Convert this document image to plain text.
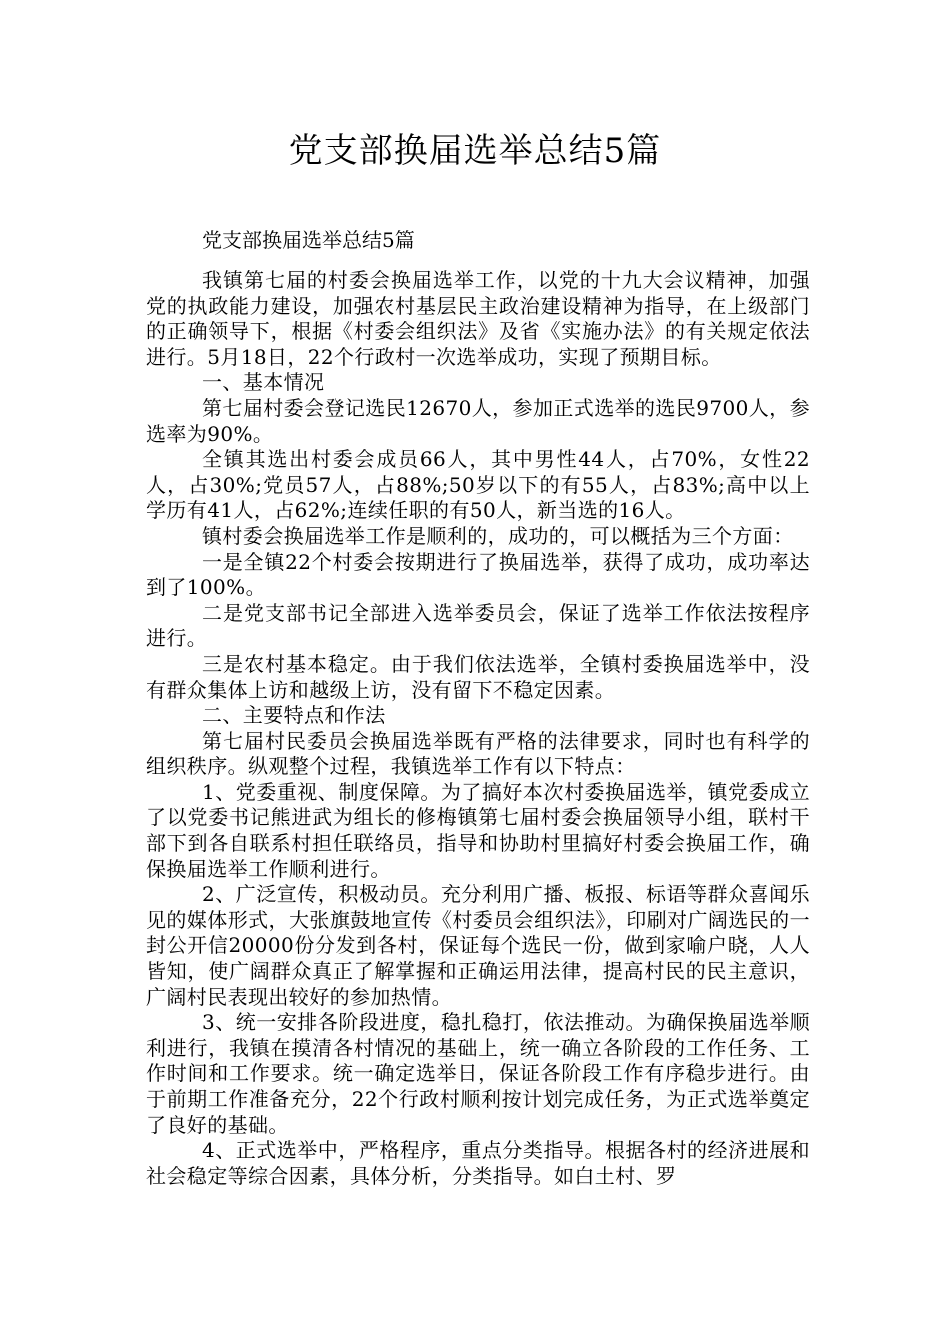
党支部换届选举总结5篇

党支部换届选举总结5篇

我镇第七届的村委会换届选举工作，以党的十九大会议精神，加强党的执政能力建设，加强农村基层民主政治建设精神为指导，在上级部门的正确领导下，根据《村委会组织法》及省《实施办法》的有关规定依法进行。5月18日，22个行政村一次选举成功，实现了预期目标。

一、基本情况

第七届村委会登记选民12670人，参加正式选举的选民9700人，参选率为90%。

全镇其选出村委会成员66人，其中男性44人，占70%，女性22人，占30%;党员57人，占88%;50岁以下的有55人，占83%;高中以上学历有41人，占62%;连续任职的有50人，新当选的16人。

镇村委会换届选举工作是顺利的，成功的，可以概括为三个方面：

一是全镇22个村委会按期进行了换届选举，获得了成功，成功率达到了100%。

二是党支部书记全部进入选举委员会，保证了选举工作依法按程序进行。

三是农村基本稳定。由于我们依法选举，全镇村委换届选举中，没有群众集体上访和越级上访，没有留下不稳定因素。

二、主要特点和作法

第七届村民委员会换届选举既有严格的法律要求，同时也有科学的组织秩序。纵观整个过程，我镇选举工作有以下特点：

1、党委重视、制度保障。为了搞好本次村委换届选举，镇党委成立了以党委书记熊进武为组长的修梅镇第七届村委会换届领导小组，联村干部下到各自联系村担任联络员，指导和协助村里搞好村委会换届工作，确保换届选举工作顺利进行。

2、广泛宣传，积极动员。充分利用广播、板报、标语等群众喜闻乐见的媒体形式，大张旗鼓地宣传《村委员会组织法》，印刷对广阔选民的一封公开信20000份分发到各村，保证每个选民一份，做到家喻户晓，人人皆知，使广阔群众真正了解掌握和正确运用法律，提高村民的民主意识，广阔村民表现出较好的参加热情。

3、统一安排各阶段进度，稳扎稳打，依法推动。为确保换届选举顺利进行，我镇在摸清各村情况的基础上，统一确立各阶段的工作任务、工作时间和工作要求。统一确定选举日，保证各阶段工作有序稳步进行。由于前期工作准备充分，22个行政村顺利按计划完成任务，为正式选举奠定了良好的基础。

4、正式选举中，严格程序，重点分类指导。根据各村的经济进展和社会稳定等综合因素，具体分析，分类指导。如白土村、罗
